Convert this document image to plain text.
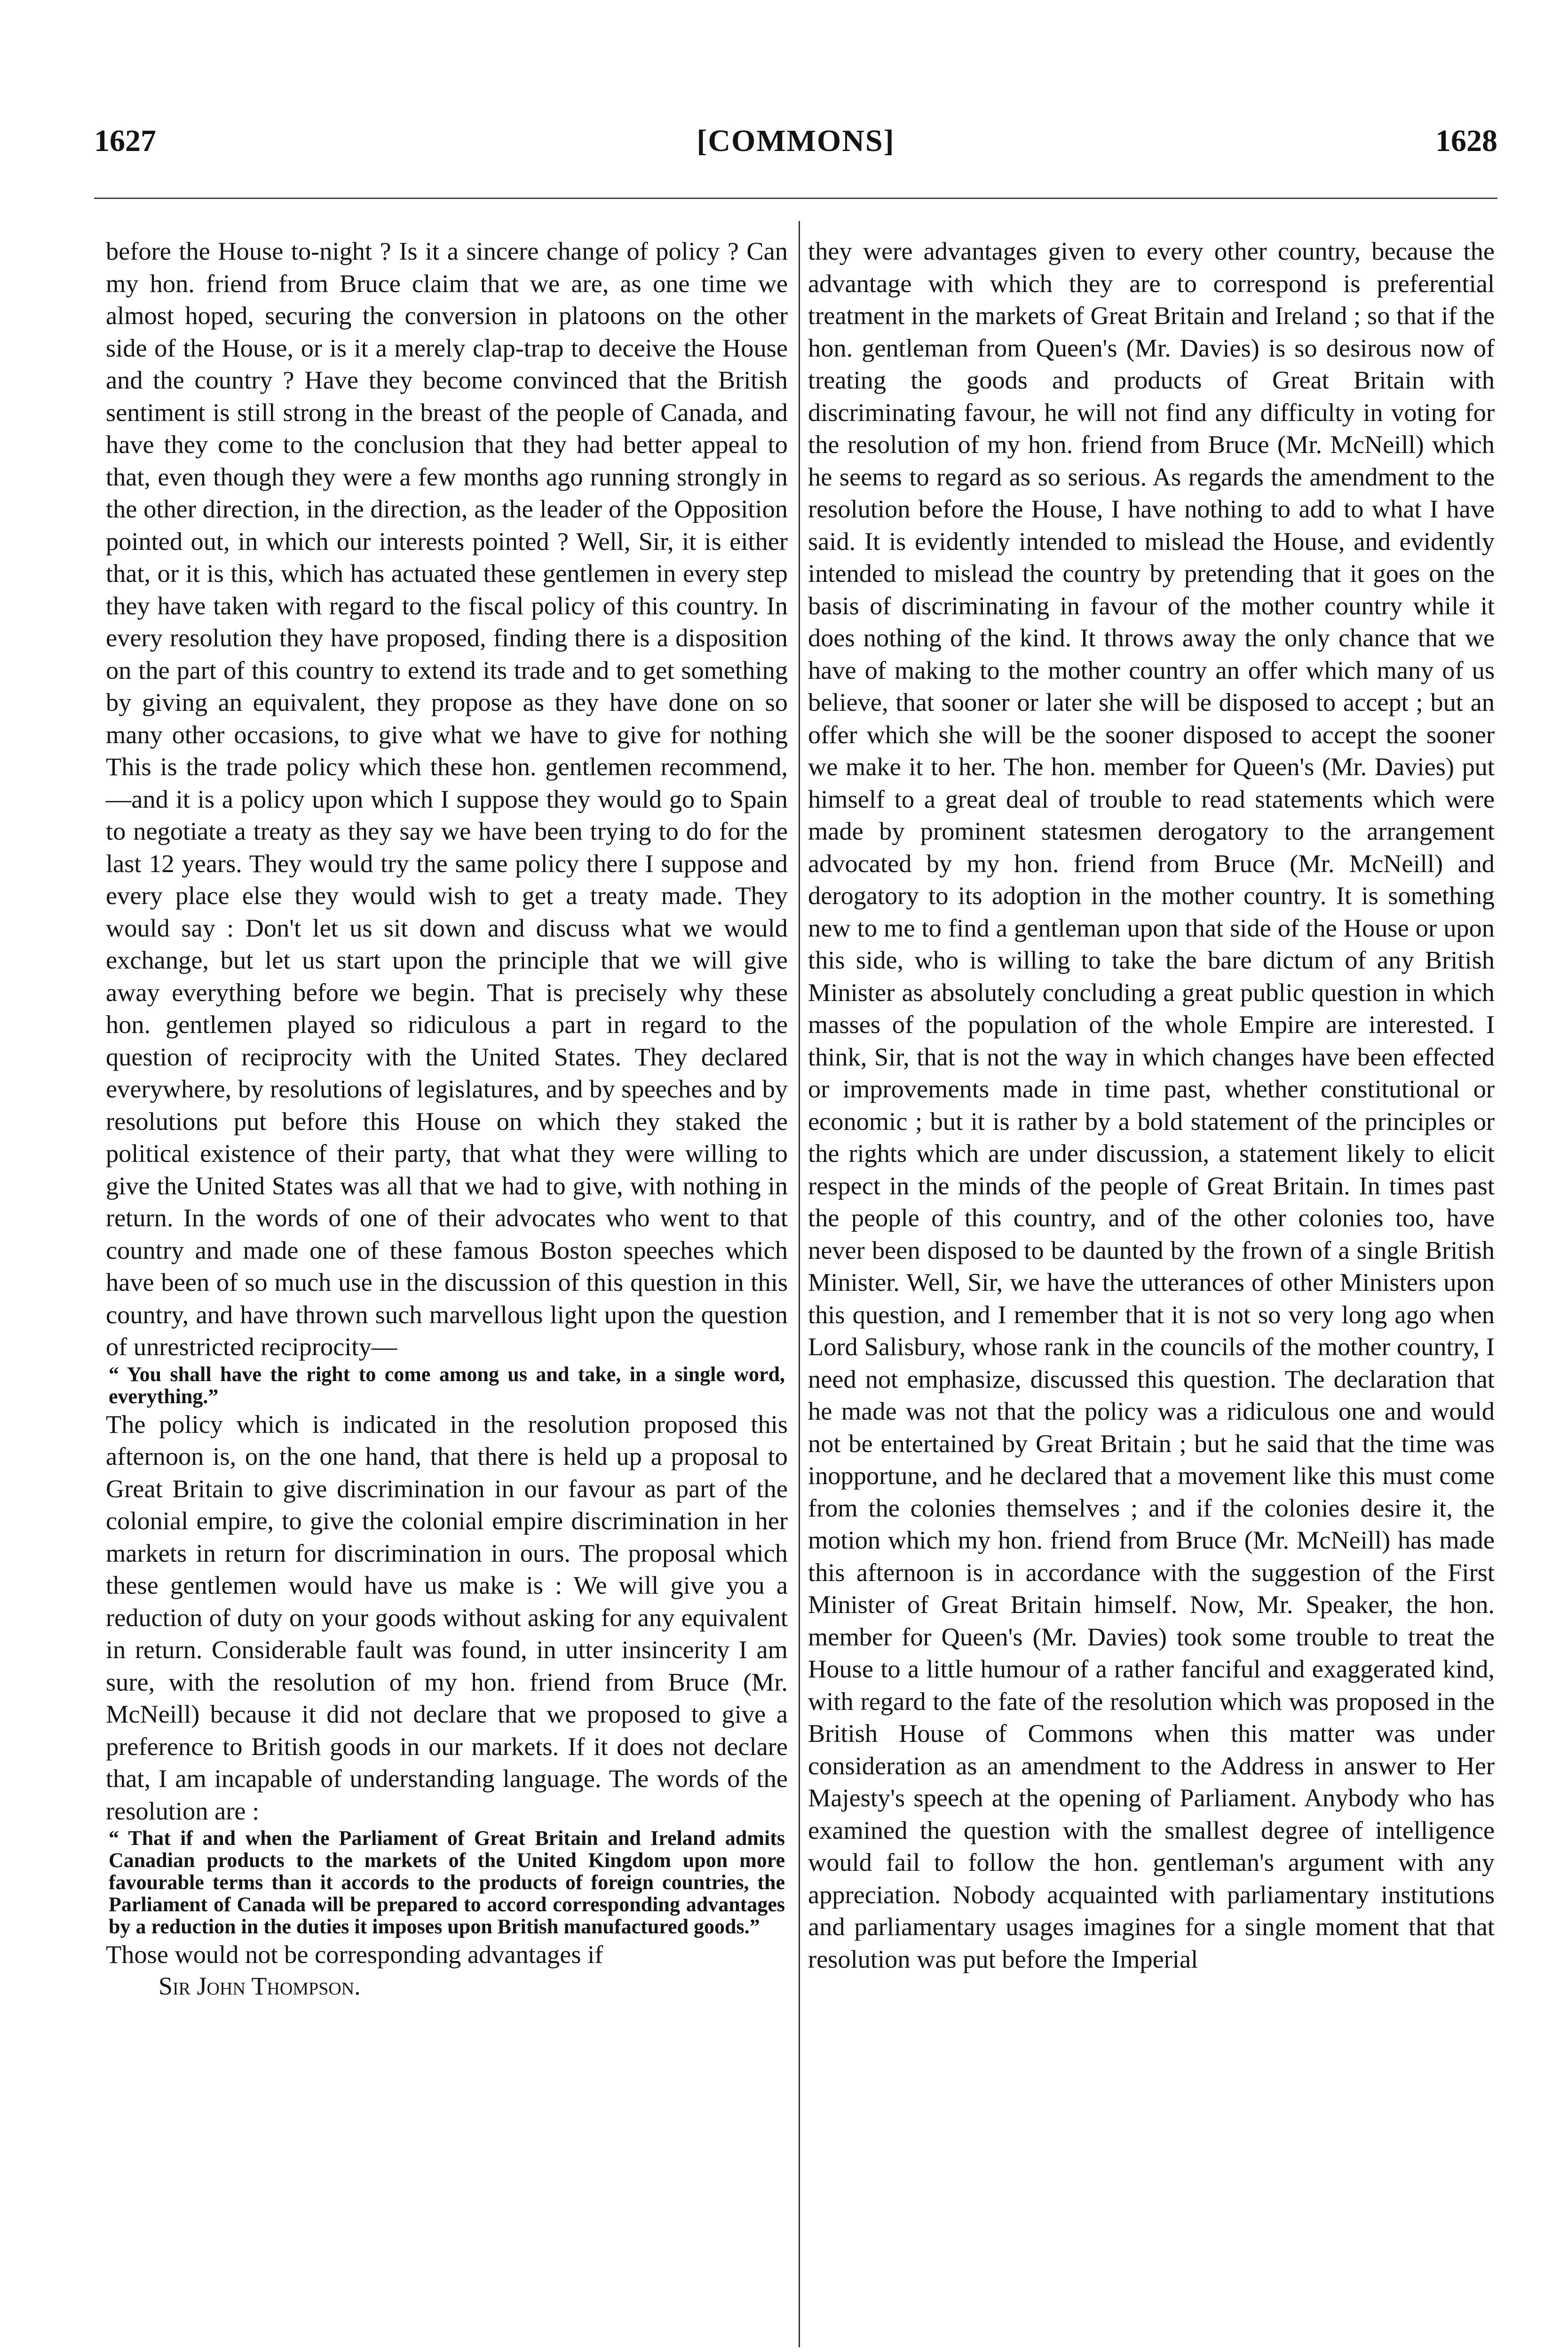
1627	[COMMONS]	1628

before the House to-night ? Is it a sincere change of policy ? Can my hon. friend from Bruce claim that we are, as one time we almost hoped, securing the conversion in platoons on the other side of the House, or is it a merely clap-trap to deceive the House and the country ? Have they become convinced that the British sentiment is still strong in the breast of the people of Canada, and have they come to the conclusion that they had better appeal to that, even though they were a few months ago running strongly in the other direction, in the direction, as the leader of the Opposition pointed out, in which our interests pointed ? Well, Sir, it is either that, or it is this, which has actuated these gentlemen in every step they have taken with regard to the fiscal policy of this country. In every resolution they have proposed, finding there is a disposition on the part of this country to extend its trade and to get something by giving an equivalent, they propose as they have done on so many other occasions, to give what we have to give for nothing This is the trade policy which these hon. gentlemen recommend,—and it is a policy upon which I suppose they would go to Spain to negotiate a treaty as they say we have been trying to do for the last 12 years. They would try the same policy there I suppose and every place else they would wish to get a treaty made. They would say : Don't let us sit down and discuss what we would exchange, but let us start upon the principle that we will give away everything before we begin. That is precisely why these hon. gentlemen played so ridiculous a part in regard to the question of reciprocity with the United States. They declared everywhere, by resolutions of legislatures, and by speeches and by resolutions put before this House on which they staked the political existence of their party, that what they were willing to give the United States was all that we had to give, with nothing in return. In the words of one of their advocates who went to that country and made one of these famous Boston speeches which have been of so much use in the discussion of this question in this country, and have thrown such marvellous light upon the question of unrestricted reciprocity—

“ You shall have the right to come among us and take, in a single word, everything.”

The policy which is indicated in the resolution proposed this afternoon is, on the one hand, that there is held up a proposal to Great Britain to give discrimination in our favour as part of the colonial empire, to give the colonial empire discrimination in her markets in return for discrimination in ours. The proposal which these gentlemen would have us make is : We will give you a reduction of duty on your goods without asking for any equivalent in return. Considerable fault was found, in utter insincerity I am sure, with the resolution of my hon. friend from Bruce (Mr. McNeill) because it did not declare that we proposed to give a preference to British goods in our markets. If it does not declare that, I am incapable of understanding language. The words of the resolution are :

“ That if and when the Parliament of Great Britain and Ireland admits Canadian products to the markets of the United Kingdom upon more favourable terms than it accords to the products of foreign countries, the Parliament of Canada will be prepared to accord corresponding advantages by a reduction in the duties it imposes upon British manufactured goods.”

Those would not be corresponding advantages if

Sir John Thompson.

they were advantages given to every other country, because the advantage with which they are to correspond is preferential treatment in the markets of Great Britain and Ireland ; so that if the hon. gentleman from Queen's (Mr. Davies) is so desirous now of treating the goods and products of Great Britain with discriminating favour, he will not find any difficulty in voting for the resolution of my hon. friend from Bruce (Mr. McNeill) which he seems to regard as so serious. As regards the amendment to the resolution before the House, I have nothing to add to what I have said. It is evidently intended to mislead the House, and evidently intended to mislead the country by pretending that it goes on the basis of discriminating in favour of the mother country while it does nothing of the kind. It throws away the only chance that we have of making to the mother country an offer which many of us believe, that sooner or later she will be disposed to accept ; but an offer which she will be the sooner disposed to accept the sooner we make it to her. The hon. member for Queen's (Mr. Davies) put himself to a great deal of trouble to read statements which were made by prominent statesmen derogatory to the arrangement advocated by my hon. friend from Bruce (Mr. McNeill) and derogatory to its adoption in the mother country. It is something new to me to find a gentleman upon that side of the House or upon this side, who is willing to take the bare dictum of any British Minister as absolutely concluding a great public question in which masses of the population of the whole Empire are interested. I think, Sir, that is not the way in which changes have been effected or improvements made in time past, whether constitutional or economic ; but it is rather by a bold statement of the principles or the rights which are under discussion, a statement likely to elicit respect in the minds of the people of Great Britain. In times past the people of this country, and of the other colonies too, have never been disposed to be daunted by the frown of a single British Minister. Well, Sir, we have the utterances of other Ministers upon this question, and I remember that it is not so very long ago when Lord Salisbury, whose rank in the councils of the mother country, I need not emphasize, discussed this question. The declaration that he made was not that the policy was a ridiculous one and would not be entertained by Great Britain ; but he said that the time was inopportune, and he declared that a movement like this must come from the colonies themselves ; and if the colonies desire it, the motion which my hon. friend from Bruce (Mr. McNeill) has made this afternoon is in accordance with the suggestion of the First Minister of Great Britain himself. Now, Mr. Speaker, the hon. member for Queen's (Mr. Davies) took some trouble to treat the House to a little humour of a rather fanciful and exaggerated kind, with regard to the fate of the resolution which was proposed in the British House of Commons when this matter was under consideration as an amendment to the Address in answer to Her Majesty's speech at the opening of Parliament. Anybody who has examined the question with the smallest degree of intelligence would fail to follow the hon. gentleman's argument with any appreciation. Nobody acquainted with parliamentary institutions and parliamentary usages imagines for a single moment that that resolution was put before the Imperial
